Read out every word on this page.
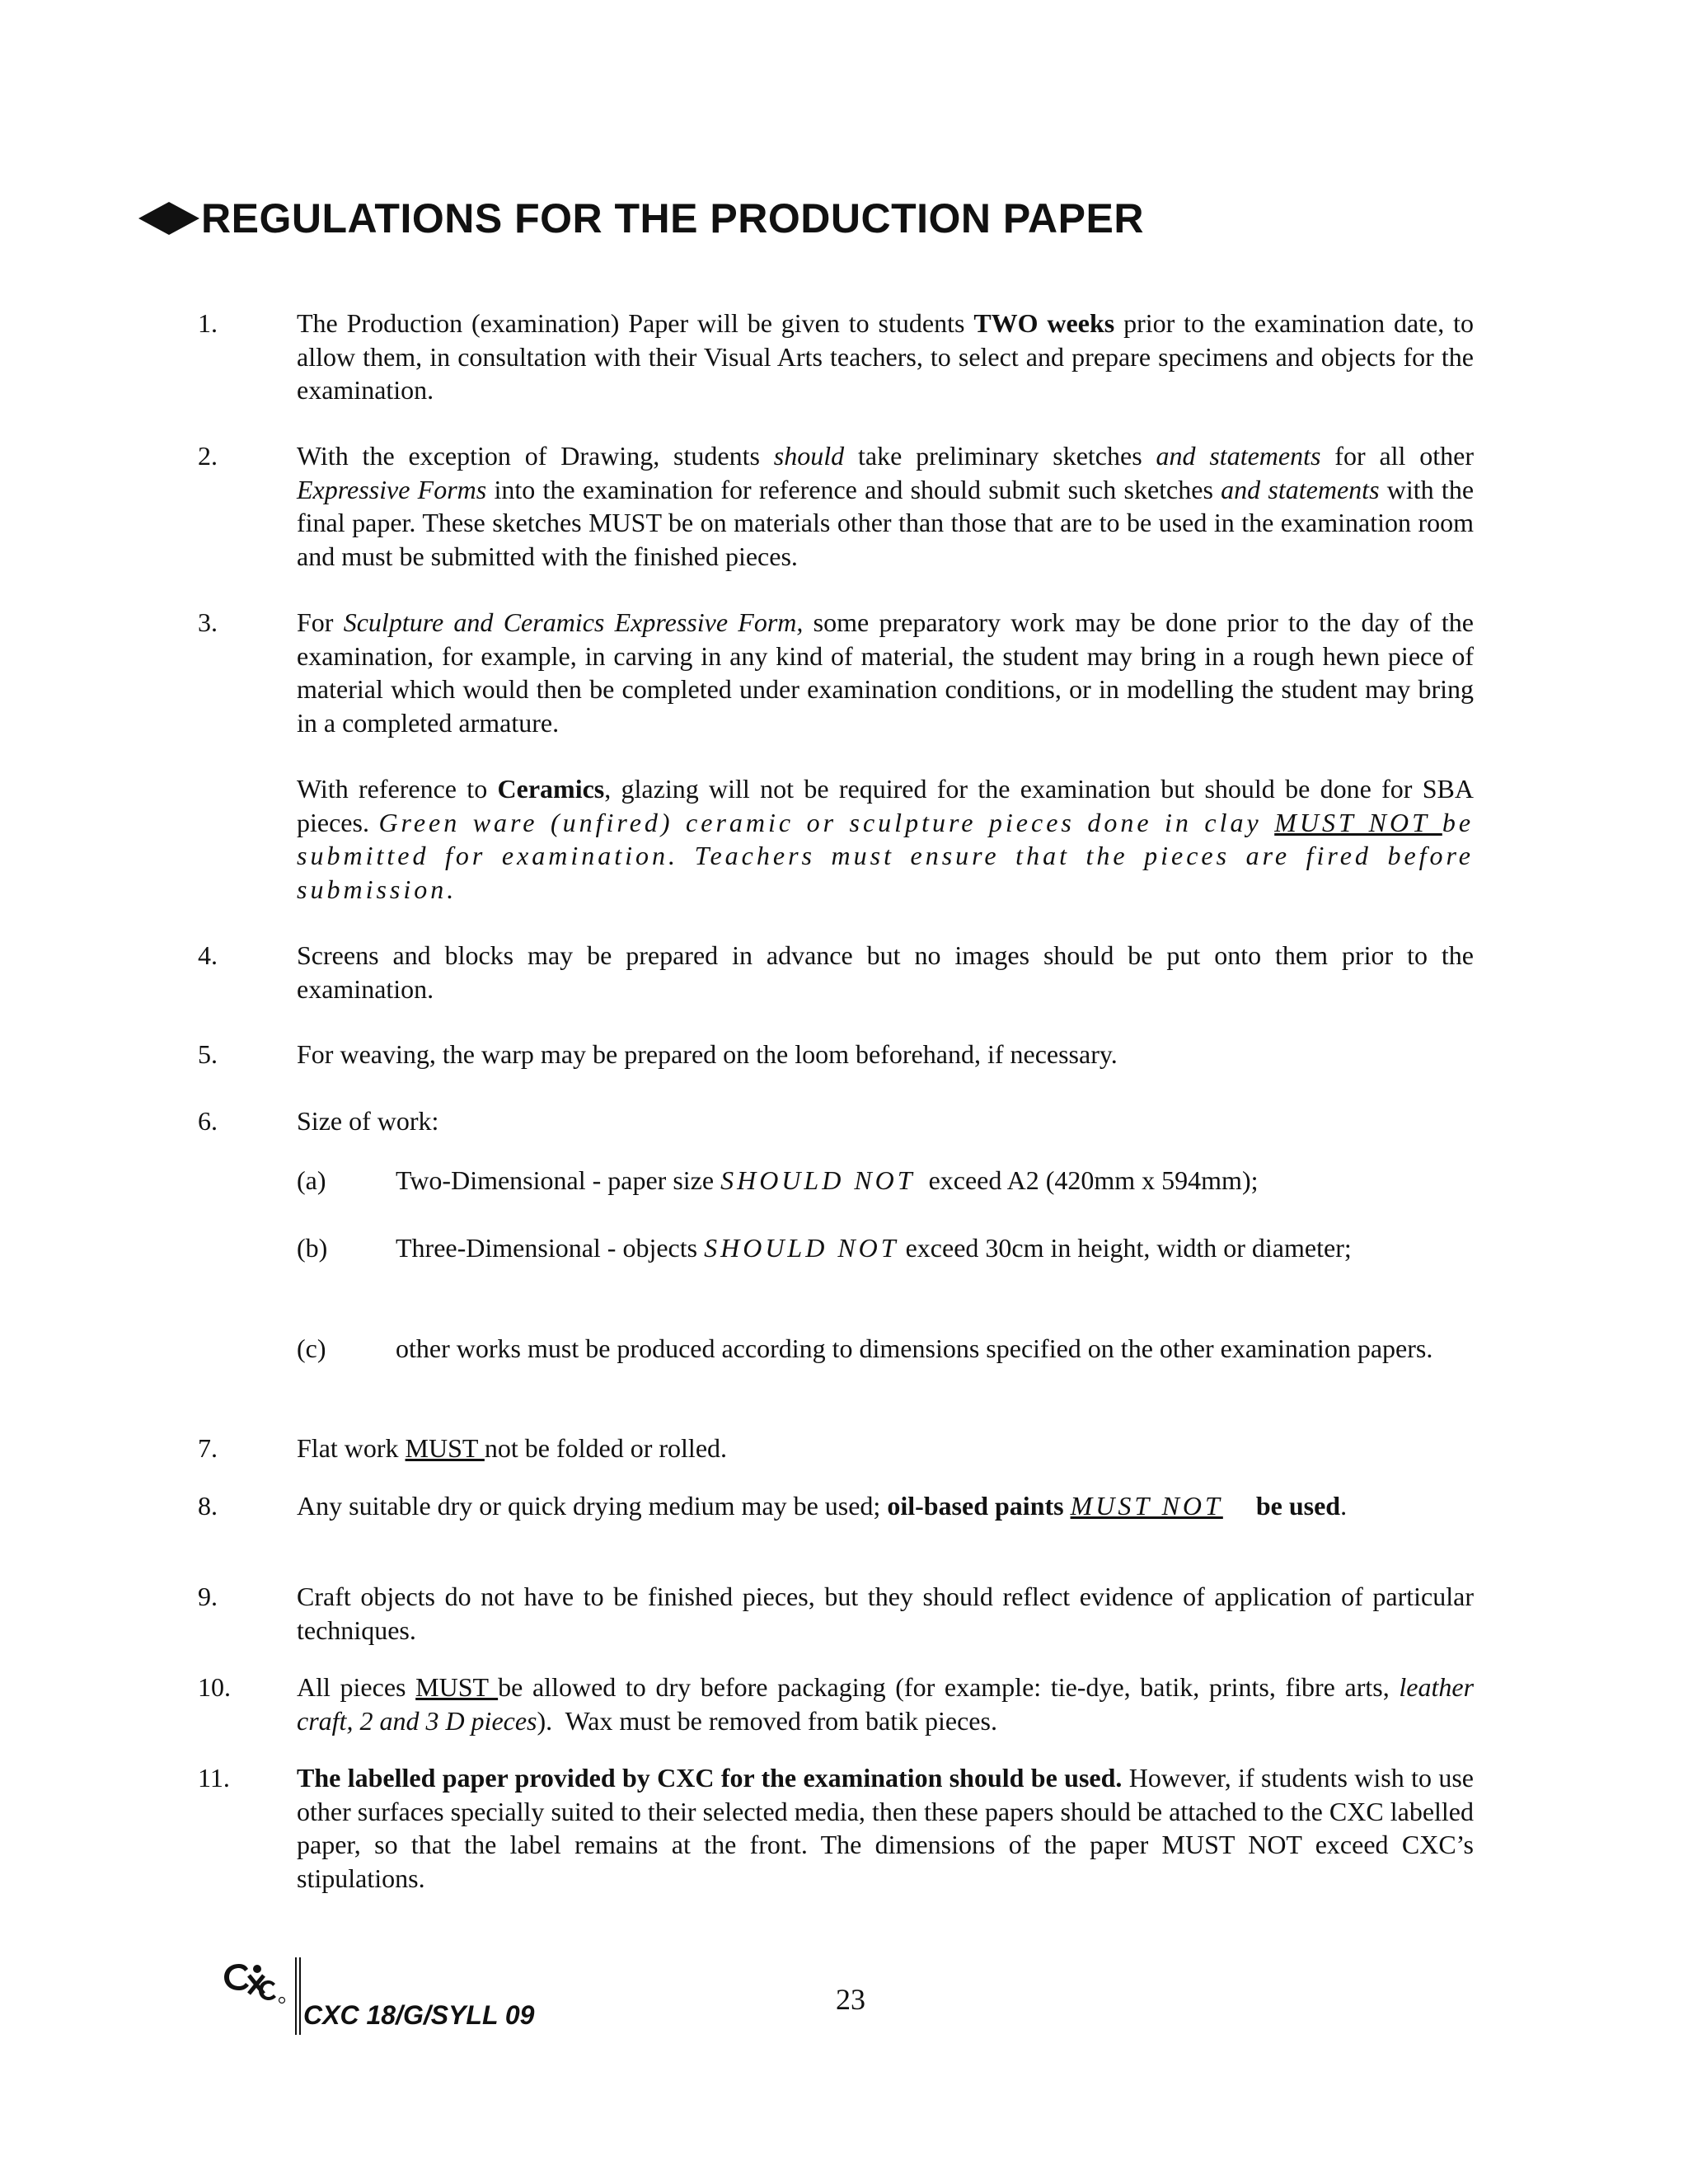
REGULATIONS FOR THE PRODUCTION PAPER
1.	The Production (examination) Paper will be given to students TWO weeks prior to the examination date, to allow them, in consultation with their Visual Arts teachers, to select and prepare specimens and objects for the examination.

2.	With the exception of Drawing, students should take preliminary sketches and statements for all other Expressive Forms into the examination for reference and should submit such sketches and statements with the final paper. These sketches MUST be on materials other than those that are to be used in the examination room and must be submitted with the finished pieces.

3.	For Sculpture and Ceramics Expressive Form, some preparatory work may be done prior to the day of the examination, for example, in carving in any kind of material, the student may bring in a rough hewn piece of material which would then be completed under examination conditions, or in modelling the student may bring in a completed armature.

With reference to Ceramics, glazing will not be required for the examination but should be done for SBA pieces. Green ware (unfired) ceramic or sculpture pieces done in clay MUST NOT be submitted for examination. Teachers must ensure that the pieces are fired before submission.

4.	Screens and blocks may be prepared in advance but no images should be put onto them prior to the examination.

5.	For weaving, the warp may be prepared on the loom beforehand, if necessary.

6.	Size of work:

(a)	Two-Dimensional - paper size SHOULD NOT  exceed A2 (420mm x 594mm);
(b)	Three-Dimensional - objects SHOULD NOT exceed 30cm in height, width or diameter;
(c)	other works must be produced according to dimensions specified on the other examination papers.
7.	Flat work MUST not be folded or rolled.

8.	Any suitable dry or quick drying medium may be used; oil-based paints MUST NOT     be used.

9.	Craft objects do not have to be finished pieces, but they should reflect evidence of application of particular techniques.

10.	All pieces MUST be allowed to dry before packaging (for example: tie-dye, batik, prints, fibre arts, leather craft, 2 and 3 D pieces).  Wax must be removed from batik pieces.

11.	The labelled paper provided by CXC for the examination should be used. However, if students wish to use other surfaces specially suited to their selected media, then these papers should be attached to the CXC labelled paper, so that the label remains at the front. The dimensions of the paper MUST NOT exceed CXC’s stipulations.

CXC 18/G/SYLL 09	23
